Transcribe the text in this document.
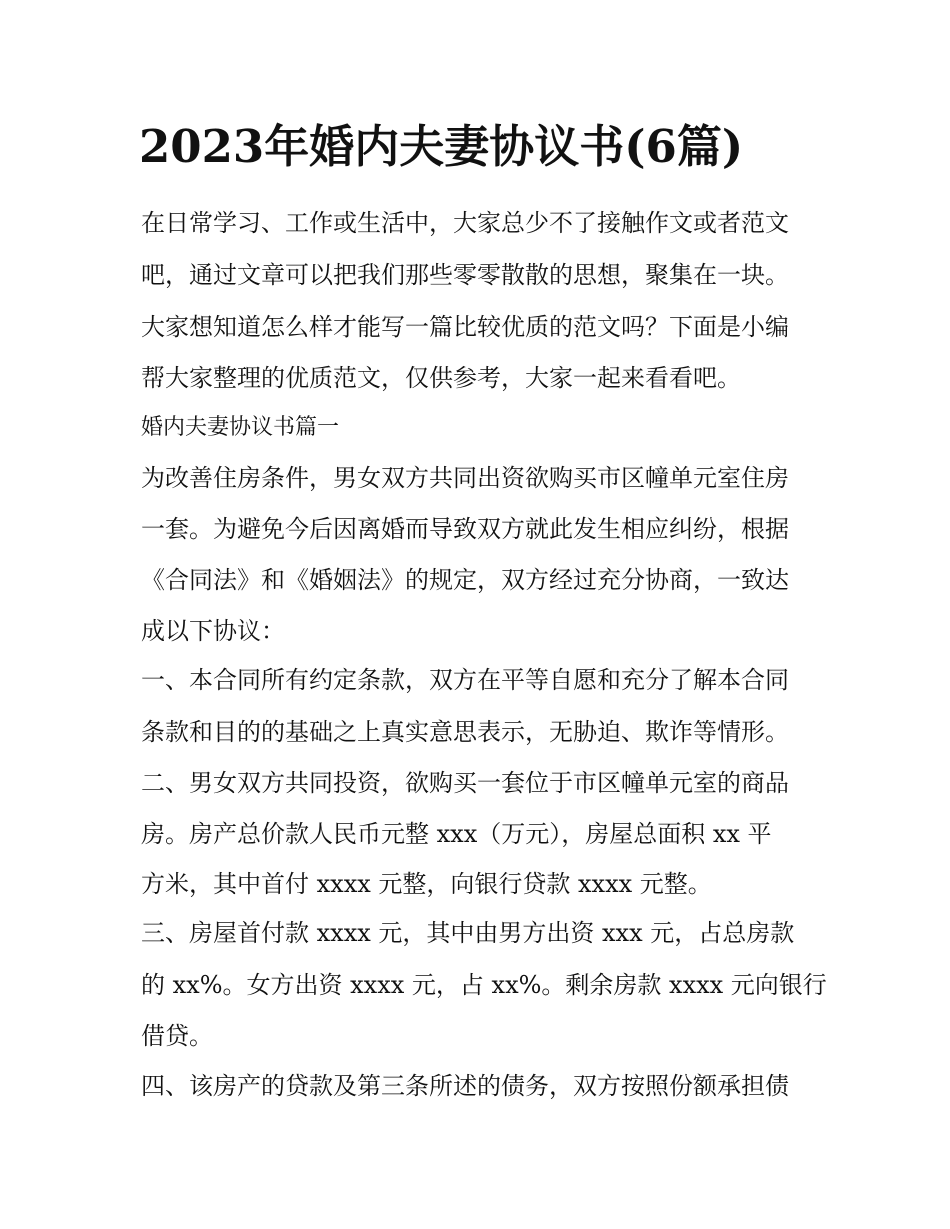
2023年婚内夫妻协议书(6篇)

在日常学习、工作或生活中，大家总少不了接触作文或者范文

吧，通过文章可以把我们那些零零散散的思想，聚集在一块。

大家想知道怎么样才能写一篇比较优质的范文吗？下面是小编

帮大家整理的优质范文，仅供参考，大家一起来看看吧。

婚内夫妻协议书篇一

为改善住房条件，男女双方共同出资欲购买市区幢单元室住房

一套。为避免今后因离婚而导致双方就此发生相应纠纷，根据

《合同法》和《婚姻法》的规定，双方经过充分协商，一致达

成以下协议：

一、本合同所有约定条款，双方在平等自愿和充分了解本合同

条款和目的的基础之上真实意思表示，无胁迫、欺诈等情形。

二、男女双方共同投资，欲购买一套位于市区幢单元室的商品

房。房产总价款人民币元整 xxx（万元），房屋总面积 xx 平

方米，其中首付 xxxx 元整，向银行贷款 xxxx 元整。

三、房屋首付款 xxxx 元，其中由男方出资 xxx 元，占总房款

的 xx%。女方出资 xxxx 元，占 xx%。剩余房款 xxxx 元向银行

借贷。

四、该房产的贷款及第三条所述的债务，双方按照份额承担债
